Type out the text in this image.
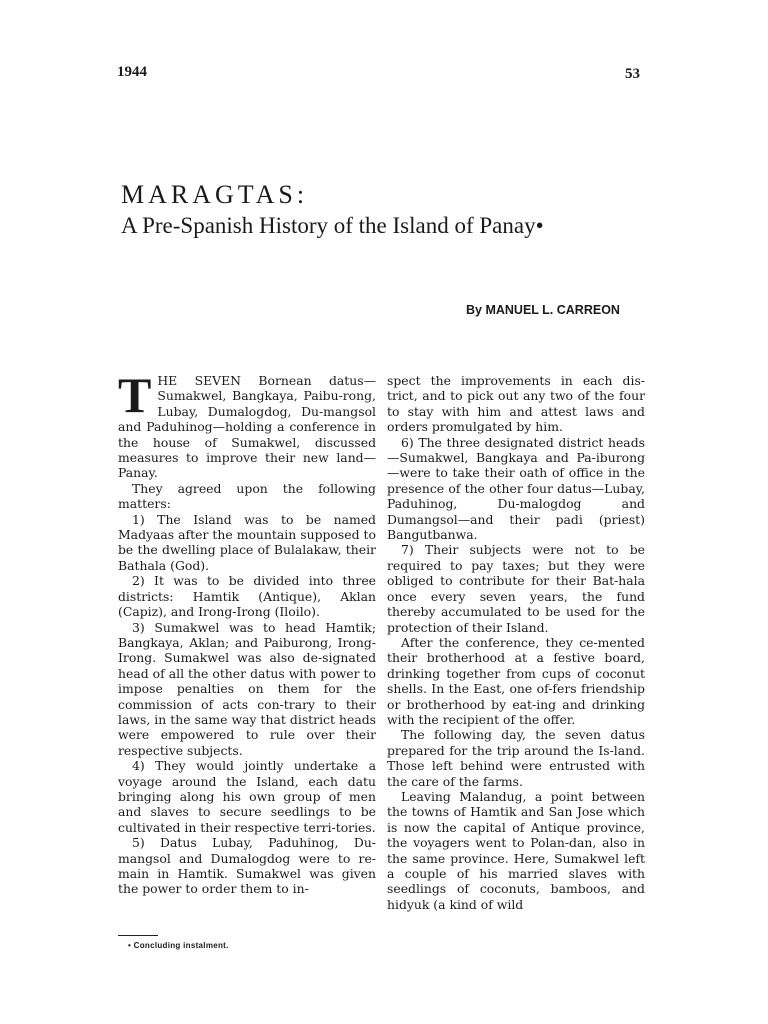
1944	53
MARAGTAS:
A Pre-Spanish History of the Island of Panay•
By MANUEL L. CARREON

THE SEVEN Bornean datus—Sumakwel, Bangkaya, Paibu-rong, Lubay, Dumalogdog, Du-mangsol and Paduhinog—holding a conference in the house of Sumakwel, discussed measures to improve their new land—Panay.

They agreed upon the following matters:

1) The Island was to be named Madyaas after the mountain supposed to be the dwelling place of Bulalakaw, their Bathala (God).

2) It was to be divided into three districts: Hamtik (Antique), Aklan (Capiz), and Irong-Irong (Iloilo).

3) Sumakwel was to head Hamtik; Bangkaya, Aklan; and Paiburong, Irong-Irong. Sumakwel was also de-signated head of all the other datus with power to impose penalties on them for the commission of acts con-trary to their laws, in the same way that district heads were empowered to rule over their respective subjects.

4) They would jointly undertake a voyage around the Island, each datu bringing along his own group of men and slaves to secure seedlings to be cultivated in their respective terri-tories.

5) Datus Lubay, Paduhinog, Du-mangsol and Dumalogdog were to re-main in Hamtik. Sumakwel was given the power to order them to in-

spect the improvements in each dis-trict, and to pick out any two of the four to stay with him and attest laws and orders promulgated by him.

6) The three designated district heads—Sumakwel, Bangkaya and Pa-iburong—were to take their oath of office in the presence of the other four datus—Lubay, Paduhinog, Du-malogdog and Dumangsol—and their padi (priest) Bangutbanwa.

7) Their subjects were not to be required to pay taxes; but they were obliged to contribute for their Bat-hala once every seven years, the fund thereby accumulated to be used for the protection of their Island.

After the conference, they ce-mented their brotherhood at a festive board, drinking together from cups of coconut shells. In the East, one of-fers friendship or brotherhood by eat-ing and drinking with the recipient of the offer.

The following day, the seven datus prepared for the trip around the Is-land. Those left behind were entrusted with the care of the farms.

Leaving Malandug, a point between the towns of Hamtik and San Jose which is now the capital of Antique province, the voyagers went to Polan-dan, also in the same province. Here, Sumakwel left a couple of his married slaves with seedlings of coconuts, bamboos, and hidyuk (a kind of wild

• Concluding instalment.
